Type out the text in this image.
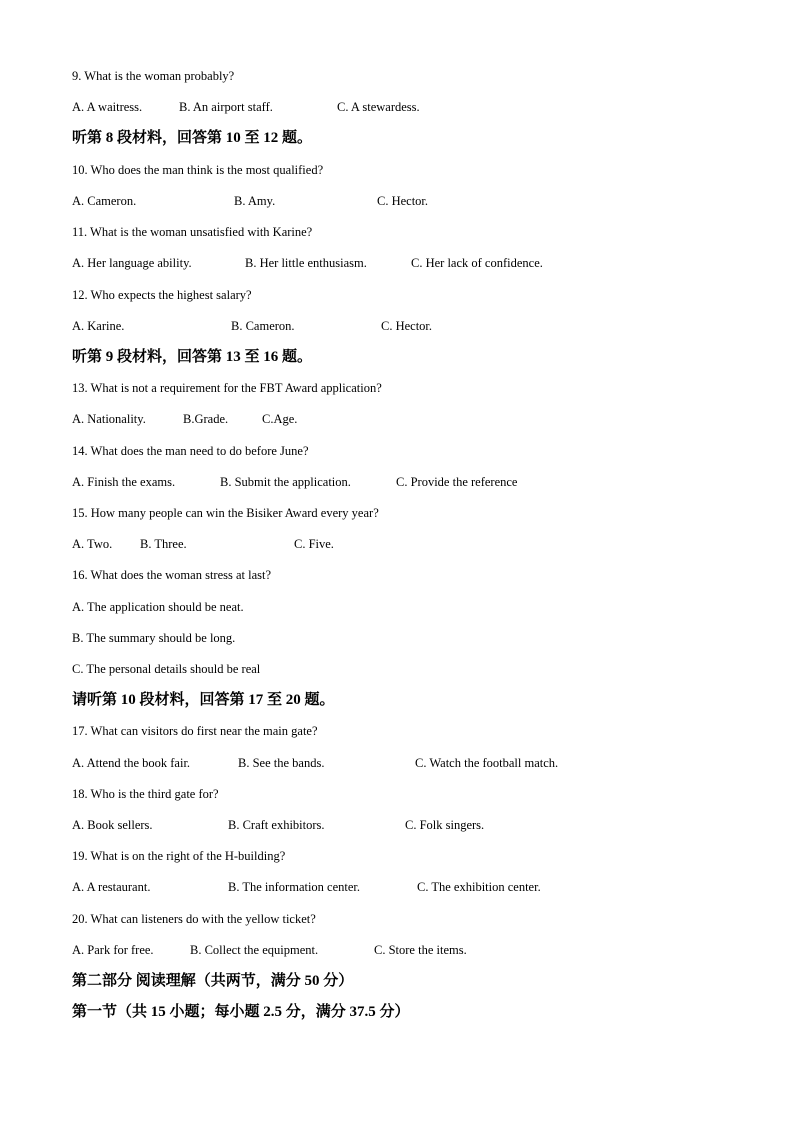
9. What is the woman probably?
A. A waitress.	B. An airport staff.	C. A stewardess.
听第 8 段材料，回答第 10 至 12 题。
10. Who does the man think is the most qualified?
A. Cameron.	B. Amy.	C. Hector.
11. What is the woman unsatisfied with Karine?
A. Her language ability.	B. Her little enthusiasm.	C. Her lack of confidence.
12. Who expects the highest salary?
A. Karine.	B. Cameron.	C. Hector.
听第 9 段材料，回答第 13 至 16 题。
13. What is not a requirement for the FBT Award application?
A. Nationality.	B.Grade.	C.Age.
14. What does the man need to do before June?
A. Finish the exams.	B. Submit the application.	C. Provide the reference
15. How many people can win the Bisiker Award every year?
A. Two. B. Three.	C. Five.
16. What does the woman stress at last?
A. The application should be neat.
B. The summary should be long.
C. The personal details should be real
请听第 10 段材料，回答第 17 至 20 题。
17. What can visitors do first near the main gate?
A. Attend the book fair.	B. See the bands.	C. Watch the football match.
18. Who is the third gate for?
A. Book sellers.	B. Craft exhibitors.	C. Folk singers.
19. What is on the right of the H-building?
A. A restaurant.	B. The information center.	C. The exhibition center.
20. What can listeners do with the yellow ticket?
A. Park for free.	B. Collect the equipment.	C. Store the items.
第二部分 阅读理解（共两节，满分 50 分）
第一节（共 15 小题；每小题 2.5 分，满分 37.5 分）
